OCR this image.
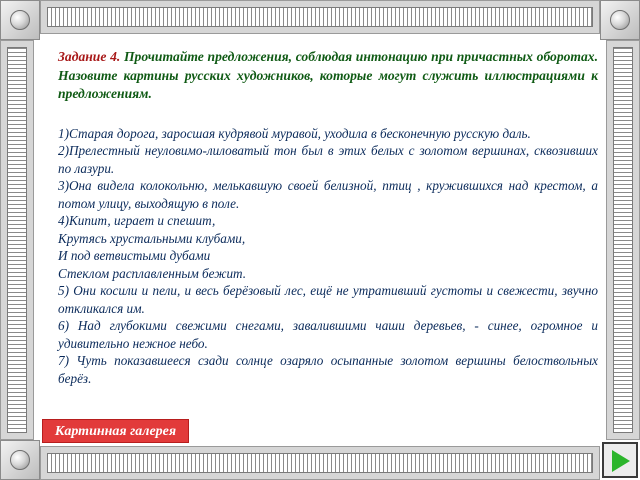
Задание 4. Прочитайте предложения, соблюдая интонацию при причастных оборотах. Назовите картины русских художников, которые могут служить иллюстрациями к предложениям.

1)Старая дорога, заросшая кудрявой муравой, уходила в бесконечную русскую даль.

2)Прелестный неуловимо-лиловатый тон был в этих белых с золотом вершинах, сквозивших по лазури.

3)Она видела колокольню, мелькавшую своей белизной, птиц , кружившихся над крестом, а потом улицу, выходящую в поле.

4)Кипит, играет и спешит,

Крутясь хрустальными клубами,

И под ветвистыми дубами

Стеклом расплавленным бежит.

5) Они косили и пели, и весь берёзовый лес, ещё не утративший густоты и свежести, звучно откликался им.

6) Над глубокими свежими снегами, завалившими чаши деревьев, - синее, огромное и удивительно нежное небо.

7) Чуть показавшееся сзади солнце озаряло осыпанные золотом вершины белоствольных берёз.

Картинная галерея
